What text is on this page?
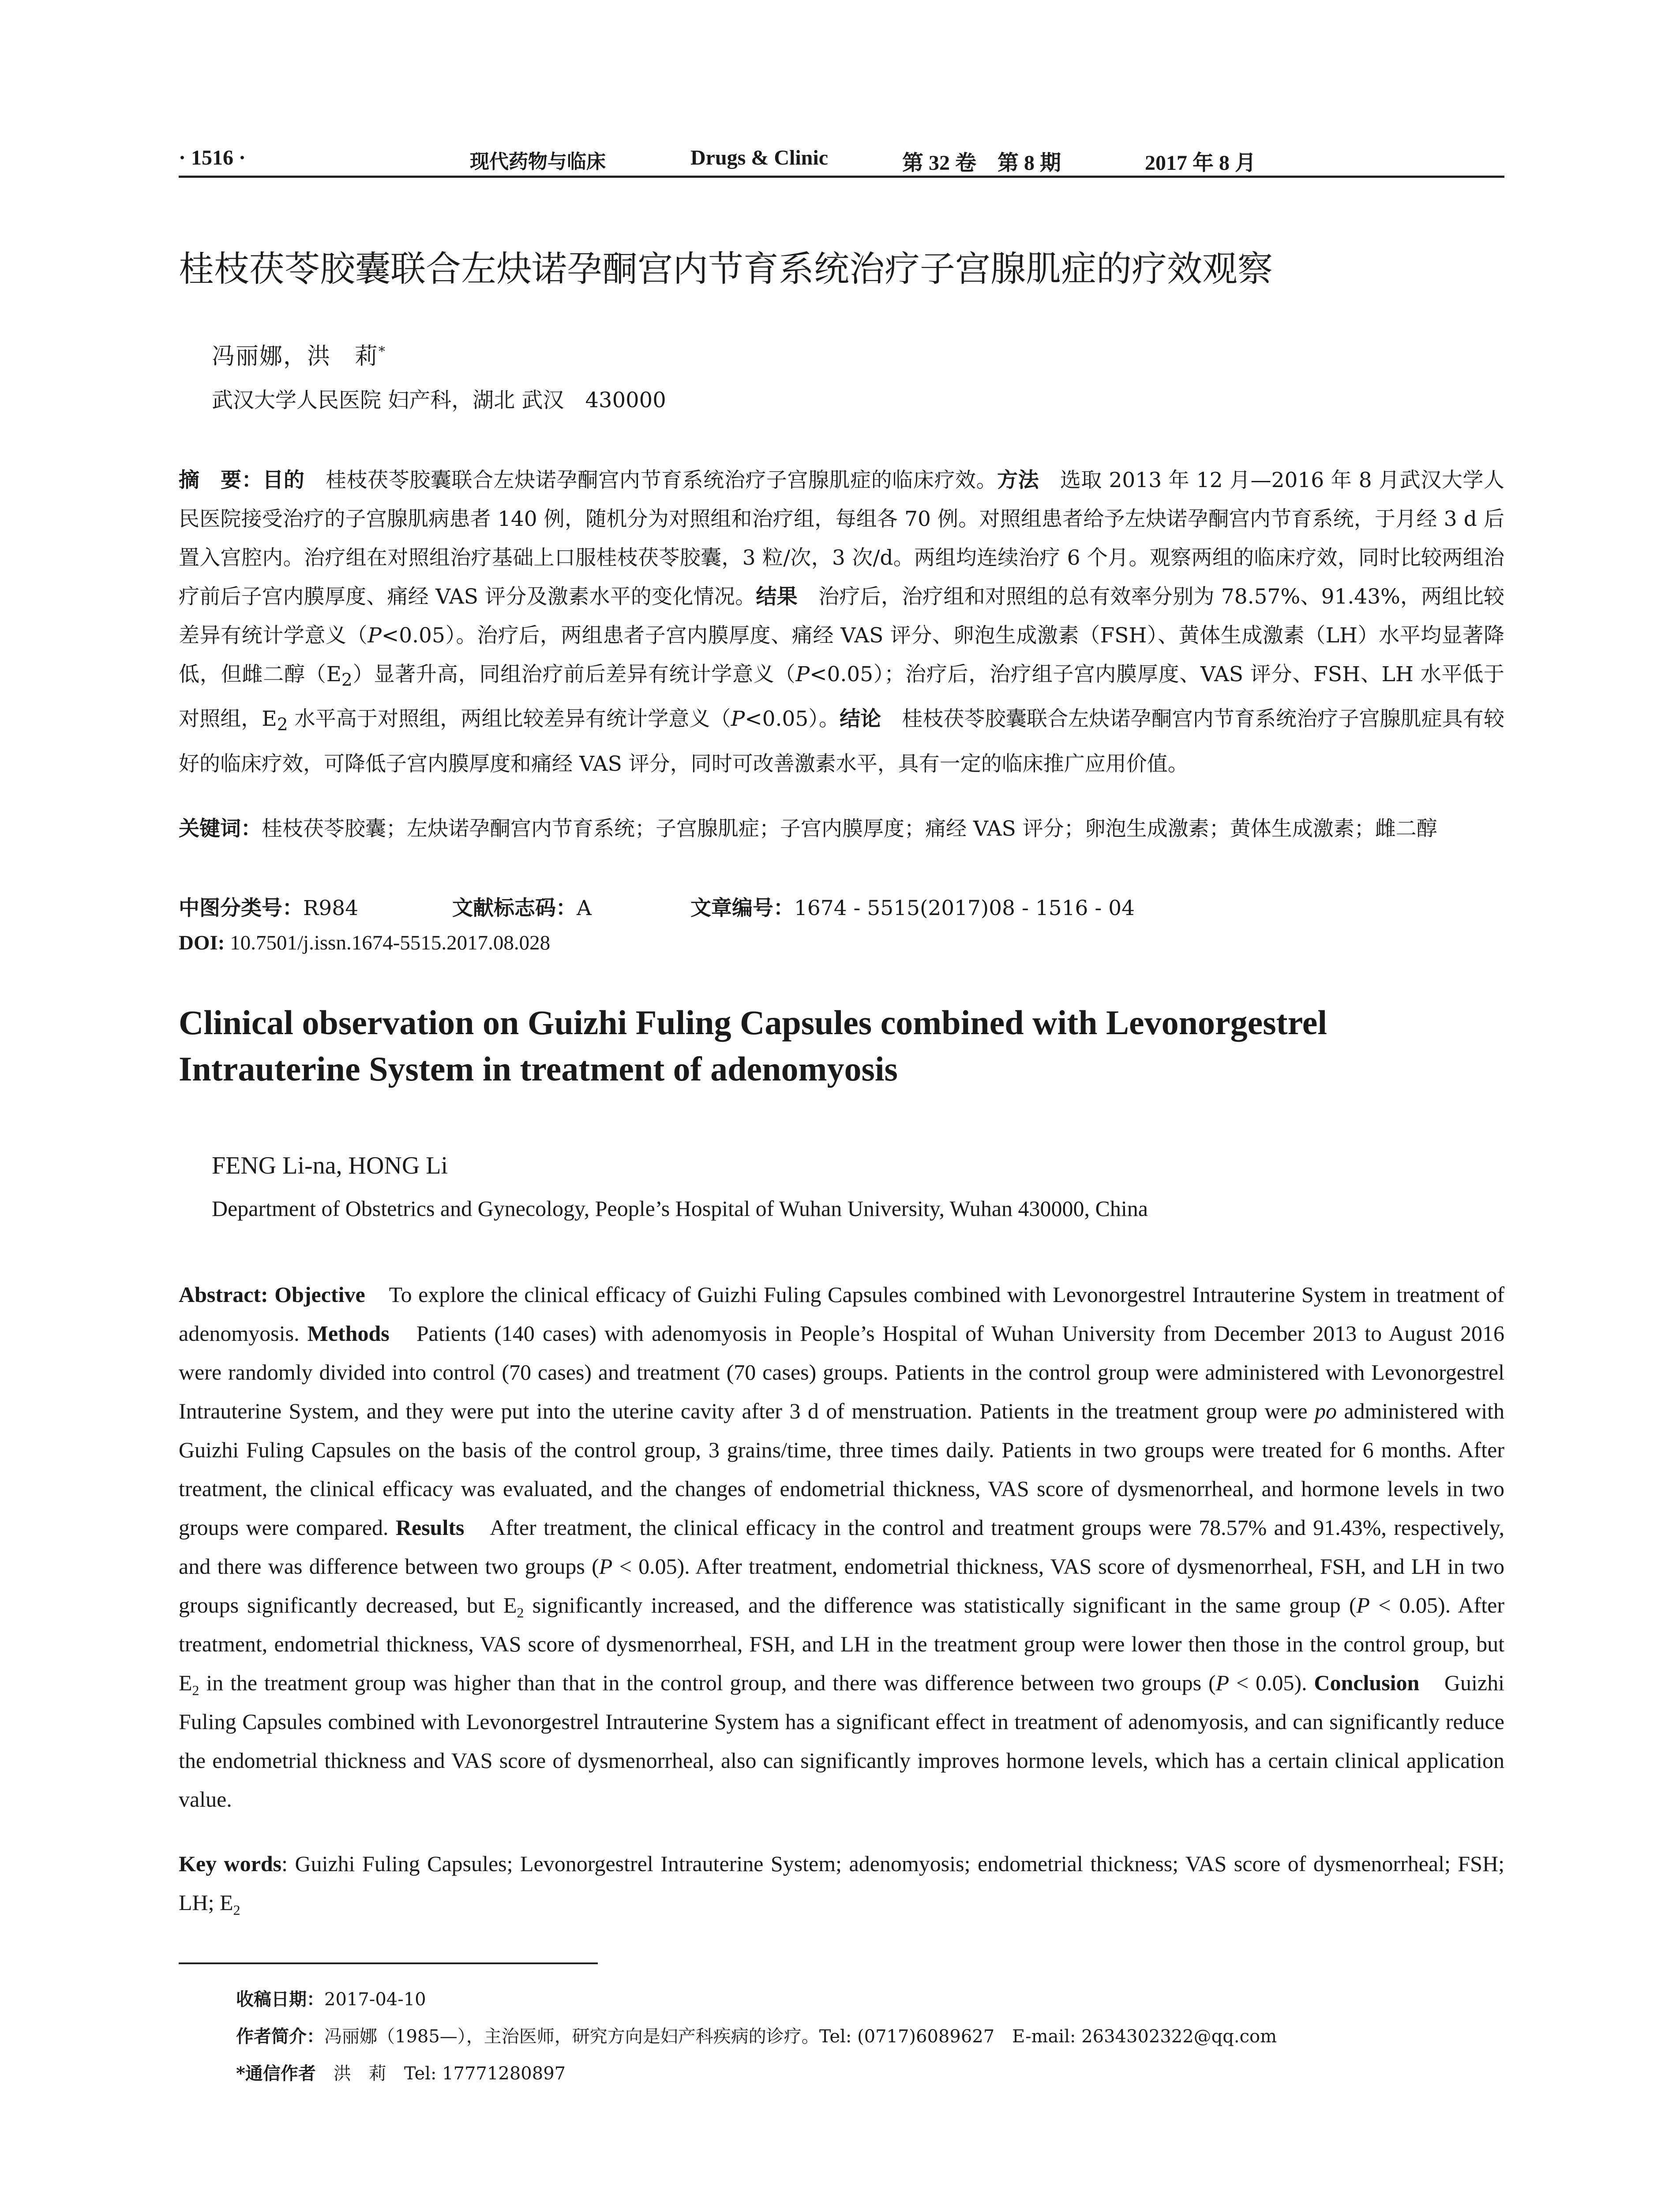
· 1516 ·	现代药物与临床	Drugs & Clinic	第 32 卷　第 8 期	2017 年 8 月
桂枝茯苓胶囊联合左炔诺孕酮宫内节育系统治疗子宫腺肌症的疗效观察
冯丽娜，洪　莉*
武汉大学人民医院 妇产科，湖北 武汉　430000
摘　要：目的　桂枝茯苓胶囊联合左炔诺孕酮宫内节育系统治疗子宫腺肌症的临床疗效。方法　选取 2013 年 12 月—2016 年 8 月武汉大学人民医院接受治疗的子宫腺肌病患者 140 例，随机分为对照组和治疗组，每组各 70 例。对照组患者给予左炔诺孕酮宫内节育系统，于月经 3 d 后置入宫腔内。治疗组在对照组治疗基础上口服桂枝茯苓胶囊，3 粒/次，3 次/d。两组均连续治疗 6 个月。观察两组的临床疗效，同时比较两组治疗前后子宫内膜厚度、痛经 VAS 评分及激素水平的变化情况。结果　治疗后，治疗组和对照组的总有效率分别为 78.57%、91.43%，两组比较差异有统计学意义（P<0.05）。治疗后，两组患者子宫内膜厚度、痛经 VAS 评分、卵泡生成激素（FSH）、黄体生成激素（LH）水平均显著降低，但雌二醇$(E_2)$显著升高，同组治疗前后差异有统计学意义（P<0.05）；治疗后，治疗组子宫内膜厚度、VAS 评分、FSH、LH 水平低于对照组，$E_2$ 水平高于对照组，两组比较差异有统计学意义（P<0.05）。结论　桂枝茯苓胶囊联合左炔诺孕酮宫内节育系统治疗子宫腺肌症具有较好的临床疗效，可降低子宫内膜厚度和痛经 VAS 评分，同时可改善激素水平，具有一定的临床推广应用价值。
关键词：桂枝茯苓胶囊；左炔诺孕酮宫内节育系统；子宫腺肌症；子宫内膜厚度；痛经 VAS 评分；卵泡生成激素；黄体生成激素；雌二醇
中图分类号：R984	文献标志码：A	文章编号：1674 - 5515(2017)08 - 1516 - 04
DOI: 10.7501/j.issn.1674-5515.2017.08.028
Clinical observation on Guizhi Fuling Capsules combined with Levonorgestrel Intrauterine System in treatment of adenomyosis
FENG Li-na, HONG Li
Department of Obstetrics and Gynecology, People’s Hospital of Wuhan University, Wuhan 430000, China
Abstract: Objective　To explore the clinical efficacy of Guizhi Fuling Capsules combined with Levonorgestrel Intrauterine System in treatment of adenomyosis. Methods　Patients (140 cases) with adenomyosis in People’s Hospital of Wuhan University from December 2013 to August 2016 were randomly divided into control (70 cases) and treatment (70 cases) groups. Patients in the control group were administered with Levonorgestrel Intrauterine System, and they were put into the uterine cavity after 3 d of menstruation. Patients in the treatment group were po administered with Guizhi Fuling Capsules on the basis of the control group, 3 grains/time, three times daily. Patients in two groups were treated for 6 months. After treatment, the clinical efficacy was evaluated, and the changes of endometrial thickness, VAS score of dysmenorrheal, and hormone levels in two groups were compared. Results　After treatment, the clinical efficacy in the control and treatment groups were 78.57% and 91.43%, respectively, and there was difference between two groups (P < 0.05). After treatment, endometrial thickness, VAS score of dysmenorrheal, FSH, and LH in two groups significantly decreased, but $E_2$ significantly increased, and the difference was statistically significant in the same group (P < 0.05). After treatment, endometrial thickness, VAS score of dysmenorrheal, FSH, and LH in the treatment group were lower then those in the control group, but $E_2$ in the treatment group was higher than that in the control group, and there was difference between two groups (P < 0.05). Conclusion　Guizhi Fuling Capsules combined with Levonorgestrel Intrauterine System has a significant effect in treatment of adenomyosis, and can significantly reduce the endometrial thickness and VAS score of dysmenorrheal, also can significantly improves hormone levels, which has a certain clinical application value.
Key words: Guizhi Fuling Capsules; Levonorgestrel Intrauterine System; adenomyosis; endometrial thickness; VAS score of dysmenorrheal; FSH; LH; $E_2$
收稿日期：2017-04-10
作者简介：冯丽娜（1985—），主治医师，研究方向是妇产科疾病的诊疗。Tel: (0717)6089627　E-mail: 2634302322@qq.com
*通信作者　洪　莉　Tel: 17771280897
